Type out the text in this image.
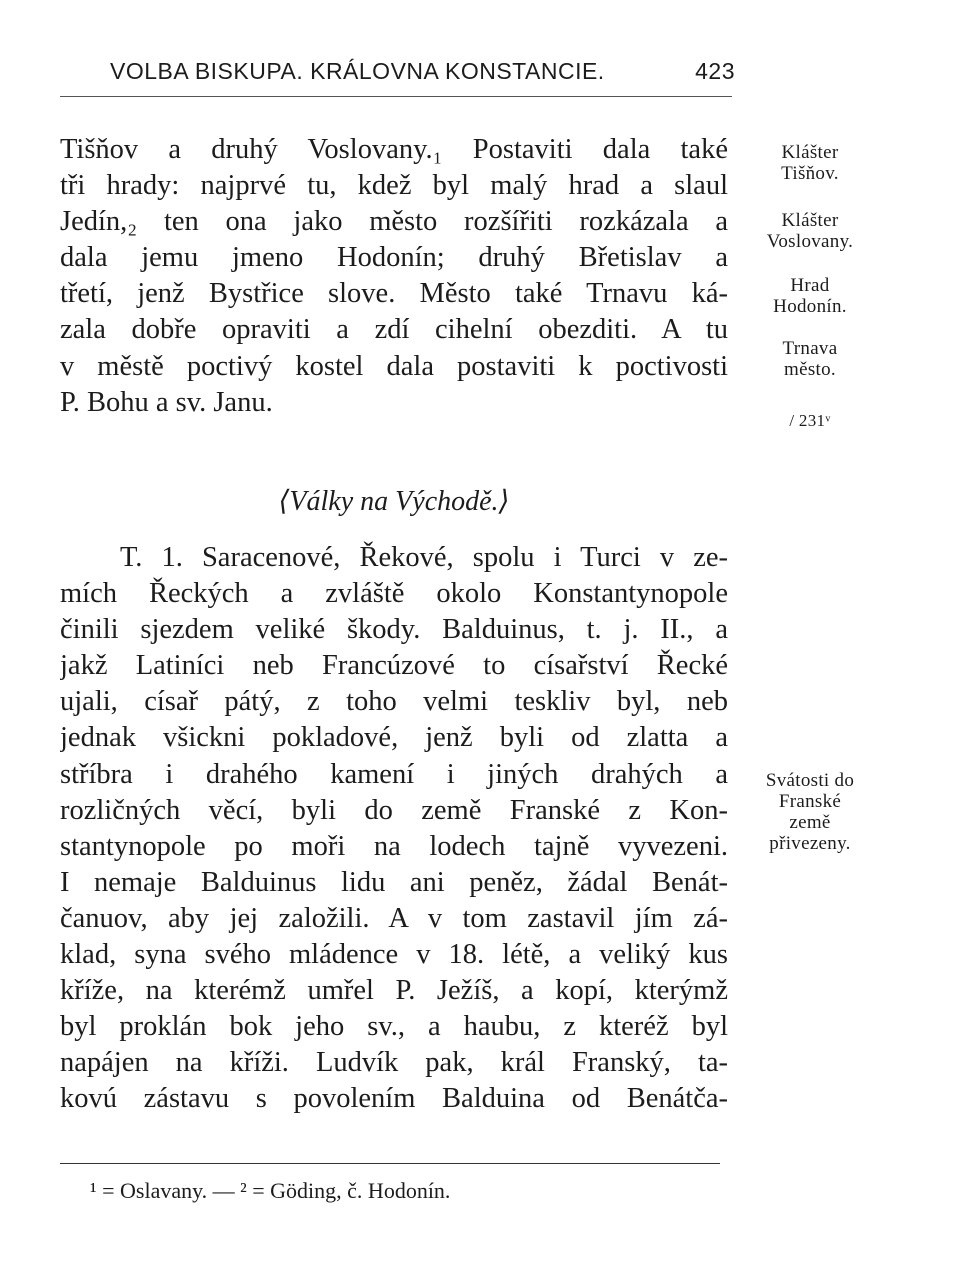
VOLBA BISKUPA. KRÁLOVNA KONSTANCIE.	423
Tišňov a druhý Voslovany.₁ Postaviti dala také
tři hrady: najprvé tu, kdež byl malý hrad a slaul
Jedín,₂ ten ona jako město rozšířiti rozkázala a
dala jemu jmeno Hodonín; druhý Břetislav a
třetí, jenž Bystřice slove. Město také Trnavu ká-
zala dobře opraviti a zdí cihelní obezditi. A tu
v městě poctivý kostel dala postaviti k poctivosti
P. Bohu a sv. Janu.
⟨Války na Východě.⟩
T. 1. Saracenové, Řekové, spolu i Turci v ze-
mích Řeckých a zvláště okolo Konstantynopole
činili sjezdem veliké škody. Balduinus, t. j. II., a
jakž Latiníci neb Francúzové to císařství Řecké
ujali, císař pátý, z toho velmi teskliv byl, neb
jednak všickni pokladové, jenž byli od zlatta a
stříbra i drahého kamení i jiných drahých a
rozličných věcí, byli do země Franské z Kon-
stantynopole po moři na lodech tajně vyvezeni.
I nemaje Balduinus lidu ani peněz, žádal Benát-
čanuov, aby jej založili. A v tom zastavil jím zá-
klad, syna svého mládence v 18. létě, a veliký kus
kříže, na kterémž umřel P. Ježíš, a kopí, kterýmž
byl proklán bok jeho sv., a haubu, z kteréž byl
napájen na kříži. Ludvík pak, král Franský, ta-
kovú zástavu s povolením Balduina od Benátča-
Klášter
Tišňov.
Klášter
Voslovany.
Hrad
Hodonín.
Trnava
město.
/ 231ᵛ
Svátosti do
Franské
země
přivezeny.
¹ = Oslavany. — ² = Göding, č. Hodonín.
